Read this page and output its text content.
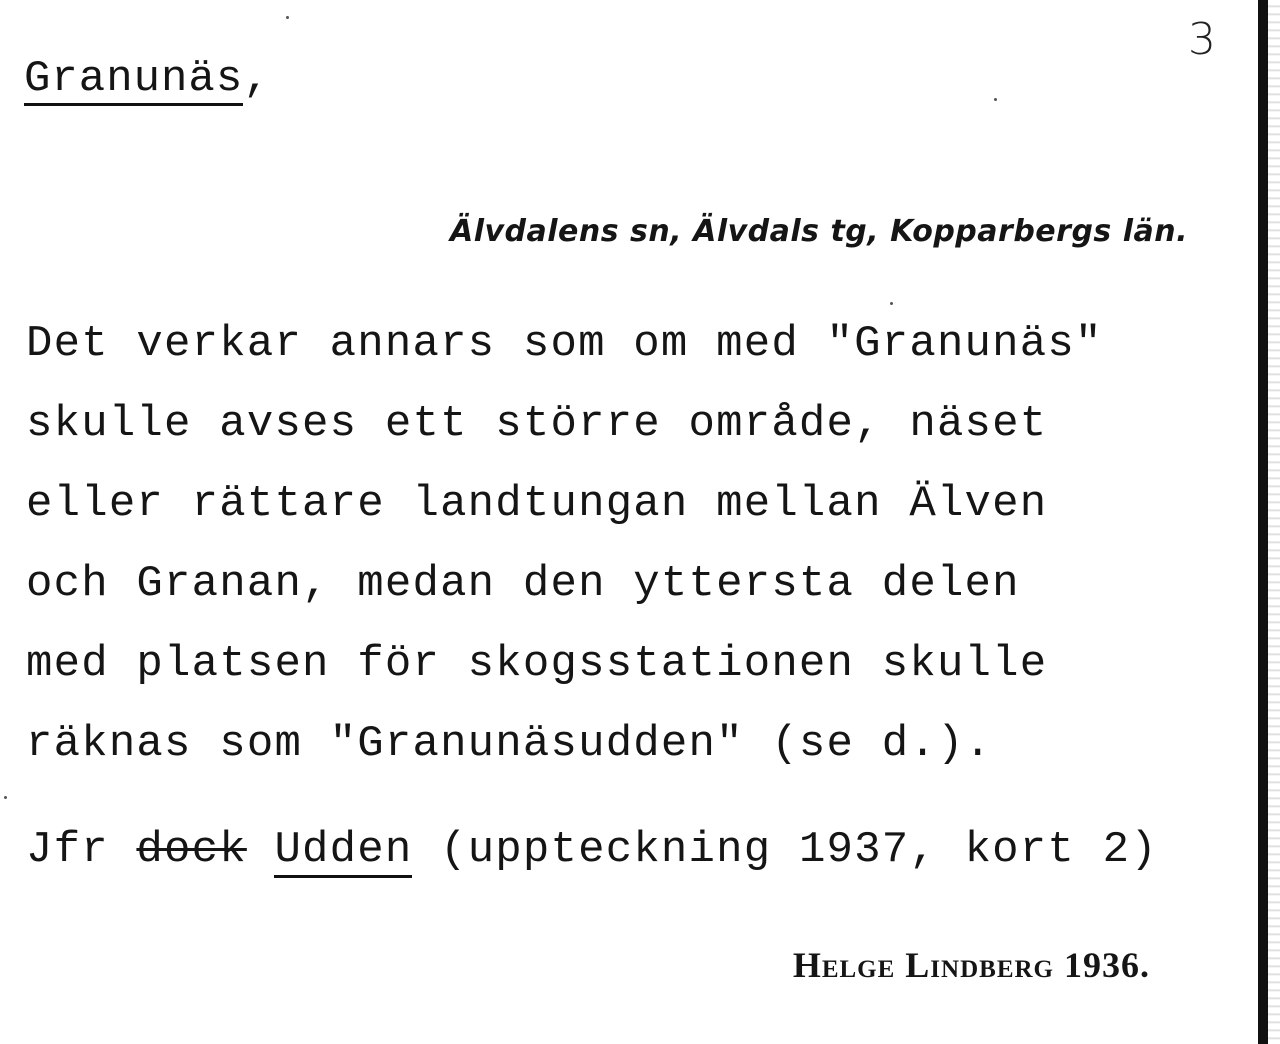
3
Granunäs,
Älvdalens sn, Älvdals tg, Kopparbergs län.
Det verkar annars som om med "Granunäs"
skulle avses ett större område, näset
eller rättare landtungan mellan Älven
och Granan, medan den yttersta delen
med platsen för skogsstationen skulle
räknas som "Granunäsudden" (se d.).
Jfr dock Udden (uppteckning 1937, kort 2)
Helge Lindberg 1936.
